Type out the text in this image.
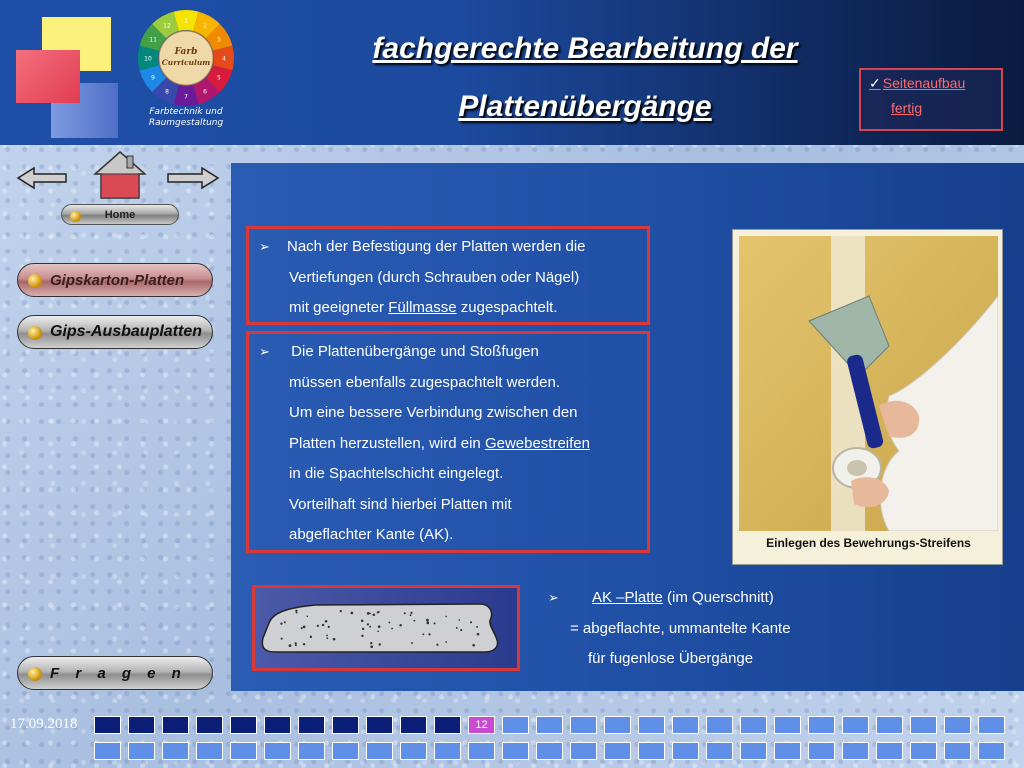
Farb
Curriculum
1
2
3
4
5
6
7
8
9
10
11
12
Farbtechnik und
Raumgestaltung
fachgerechte Bearbeitung der
Plattenübergänge
✓ Seitenaufbau
fertig
Home
Gipskarton-Platten
Gips-Ausbauplatten
F r a g e n
➢ Nach der Befestigung der Platten werden die
Vertiefungen (durch Schrauben oder Nägel)
mit geeigneter Füllmasse zugespachtelt.
➢ Die Plattenübergänge und Stoßfugen
müssen ebenfalls zugespachtelt werden.
Um eine bessere Verbindung zwischen den
Platten herzustellen, wird ein Gewebestreifen
in die Spachtelschicht eingelegt.
Vorteilhaft sind hierbei Platten mit
abgeflachter Kante (AK).	Einlegen des Bewehrungs-Streifens
➢ AK –Platte (im Querschnitt)
= abgeflachte, ummantelte Kante
für fugenlose Übergänge
17.09.2018	12
